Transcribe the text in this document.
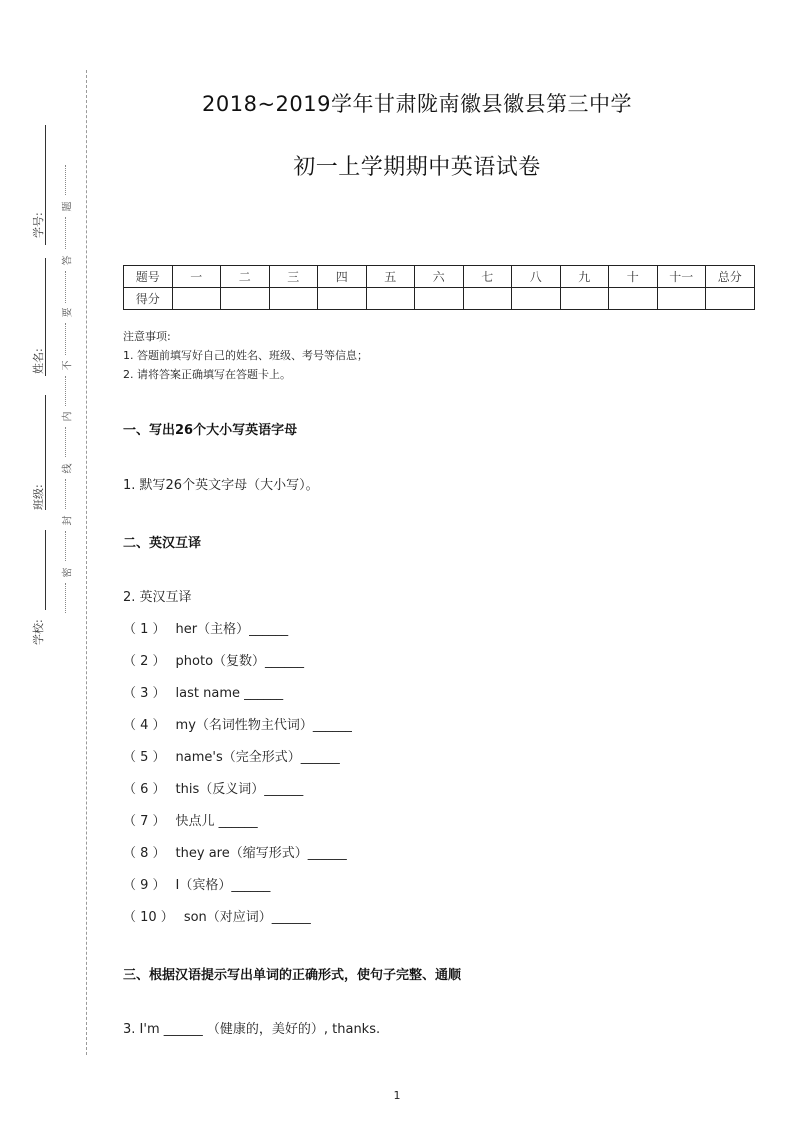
学号:
姓名:
班级:
学校:
题
答
要
不
内
线
封
密
2018~2019学年甘肃陇南徽县徽县第三中学
初一上学期期中英语试卷
题号	一	二	三	四	五	六	七	八	九	十	十一	总分
得分												
注意事项:
1. 答题前填写好自己的姓名、班级、考号等信息；
2. 请将答案正确填写在答题卡上。
一、写出26个大小写英语字母
1. 默写26个英文字母（大小写）。
二、英汉互译
2. 英汉互译
（ 1 ） her（主格）______
（ 2 ） photo（复数）______
（ 3 ） last name ______
（ 4 ） my（名词性物主代词）______
（ 5 ） name's（完全形式）______
（ 6 ） this（反义词）______
（ 7 ） 快点儿 ______
（ 8 ） they are（缩写形式）______
（ 9 ） I（宾格）______
（ 10 ） son（对应词）______
三、根据汉语提示写出单词的正确形式，使句子完整、通顺
3. I'm ______ （健康的，美好的）, thanks.
1
